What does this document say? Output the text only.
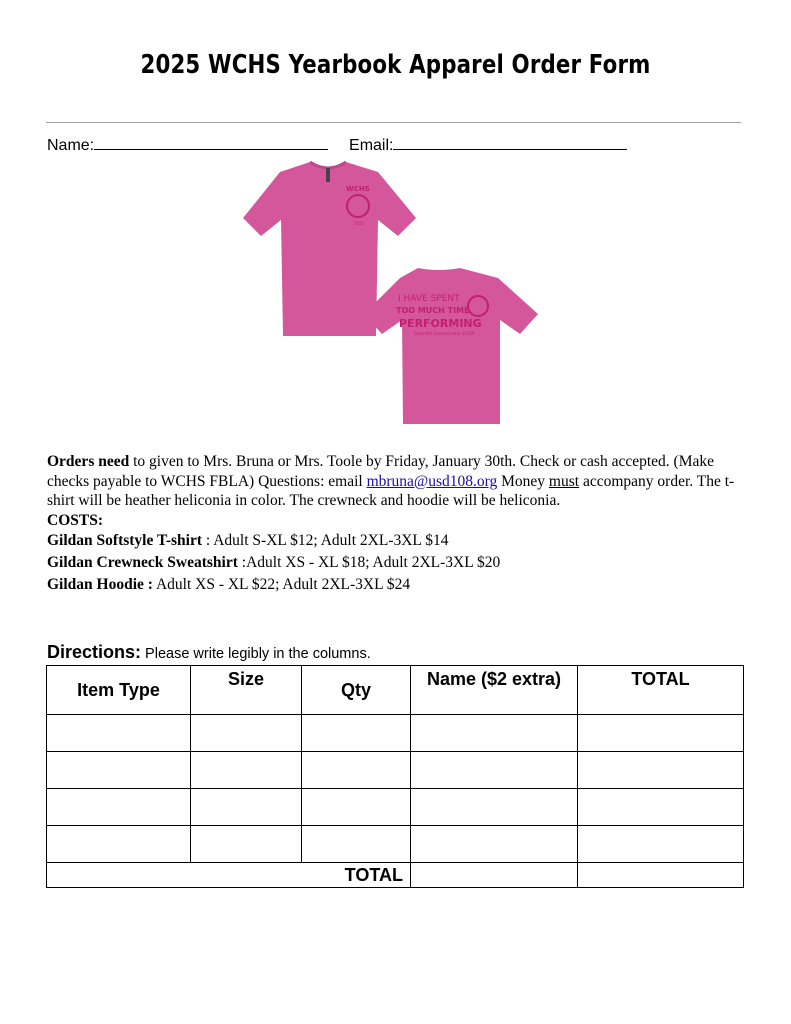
2025 WCHS Yearbook Apparel Order Form
Name:	Email:
WCHS
2025
I HAVE SPENT
TOO MUCH TIME
PERFORMING
Said NO Forensicator EVER
Orders need to given to Mrs. Bruna or Mrs. Toole by Friday, January 30th. Check or cash accepted. (Make checks payable to WCHS FBLA) Questions: email mbruna@usd108.org Money must accompany order. The t-shirt will be heather heliconia in color. The crewneck and hoodie will be heliconia.
COSTS:
Gildan Softstyle T-shirt : Adult S-XL $12; Adult 2XL-3XL $14
Gildan Crewneck Sweatshirt :Adult XS - XL $18; Adult 2XL-3XL $20
Gildan Hoodie : Adult XS - XL $22; Adult 2XL-3XL $24
Directions: Please write legibly in the columns.
Item Type	Size	Qty	Name ($2 extra)	TOTAL

TOTAL				
